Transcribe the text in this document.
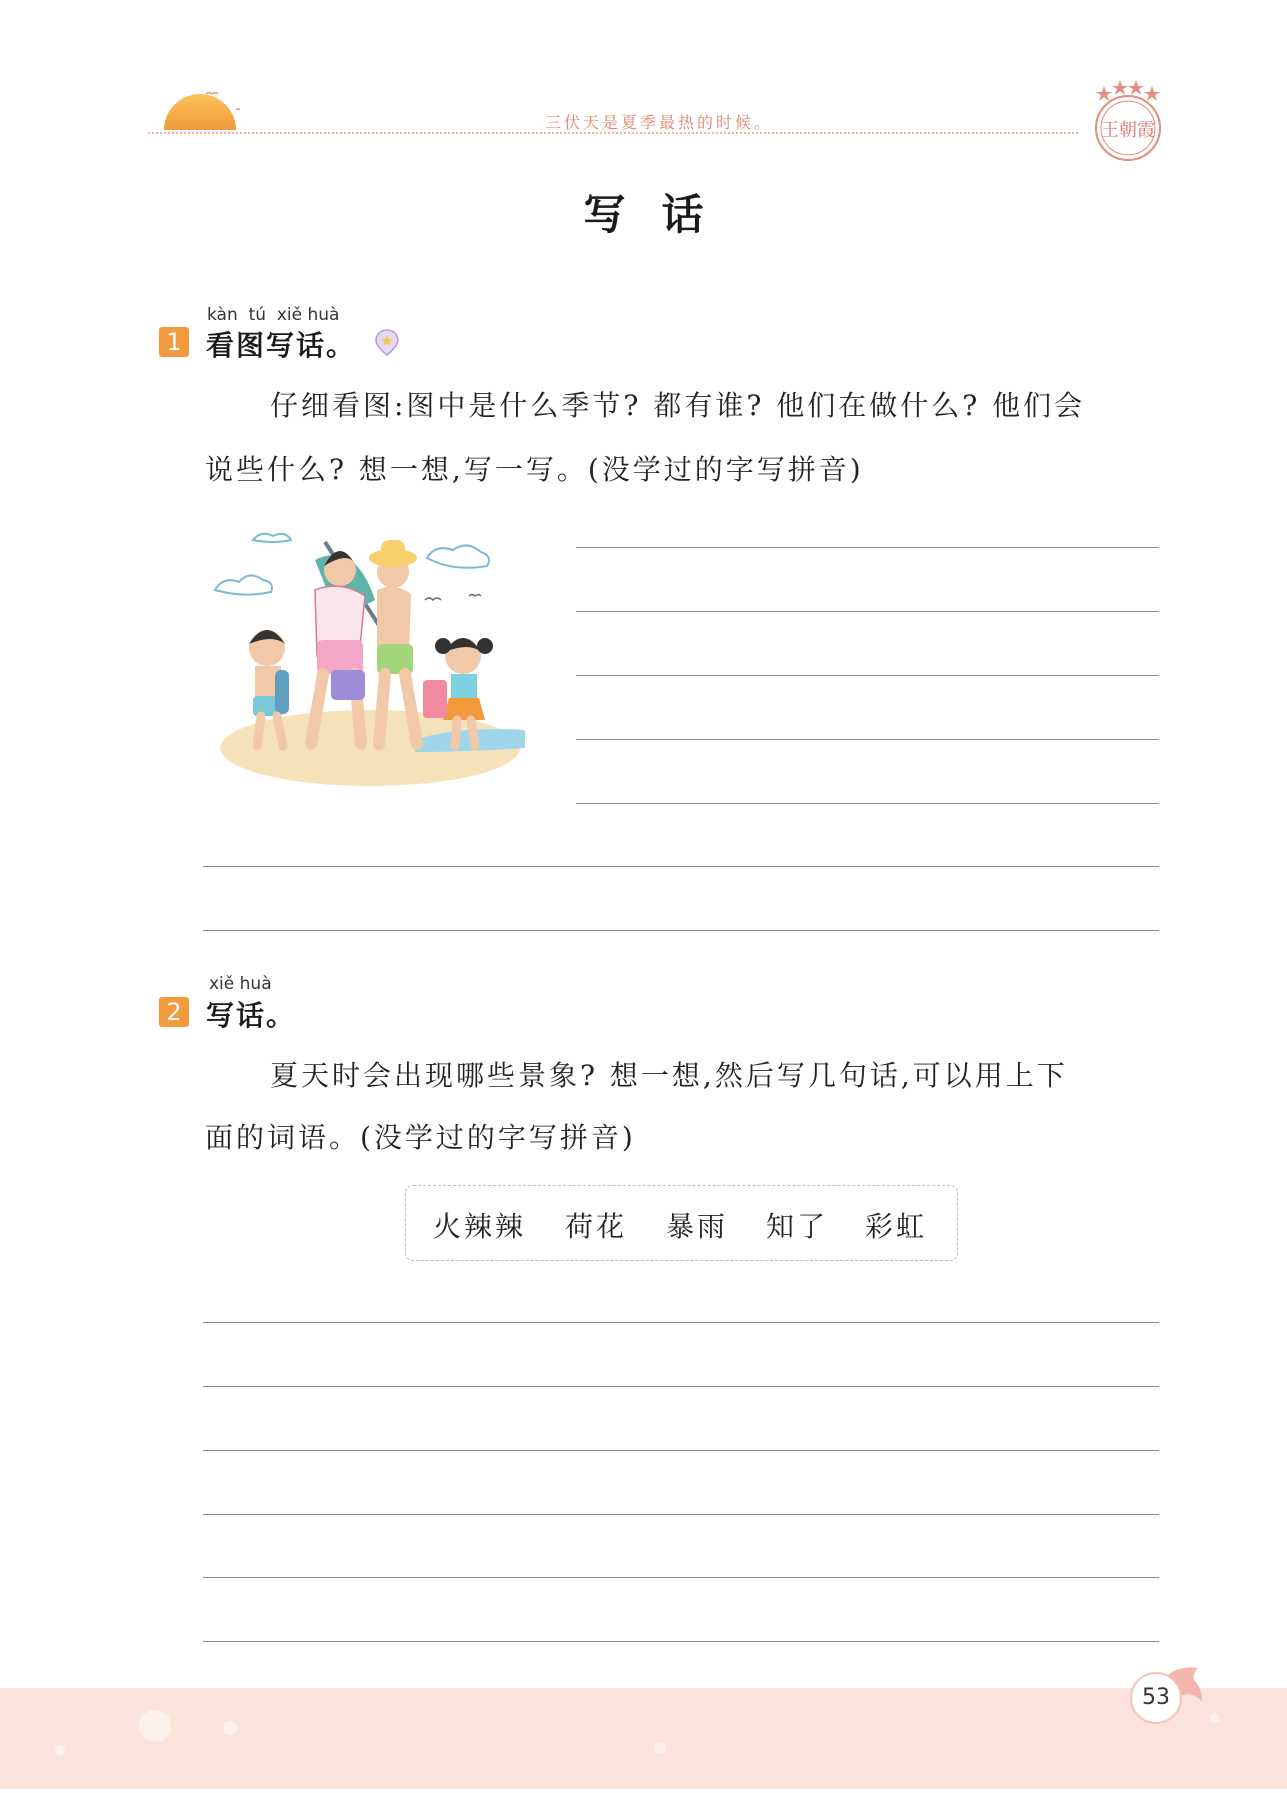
三伏天是夏季最热的时候。	王朝霞
写话
kàn tú xiě huà
1 看图写话。
仔细看图:图中是什么季节? 都有谁? 他们在做什么? 他们会
说些什么? 想一想,写一写。(没学过的字写拼音)
xiě huà
2 写话。
夏天时会出现哪些景象? 想一想,然后写几句话,可以用上下
面的词语。(没学过的字写拼音)
火辣辣 荷花 暴雨 知了 彩虹
53
